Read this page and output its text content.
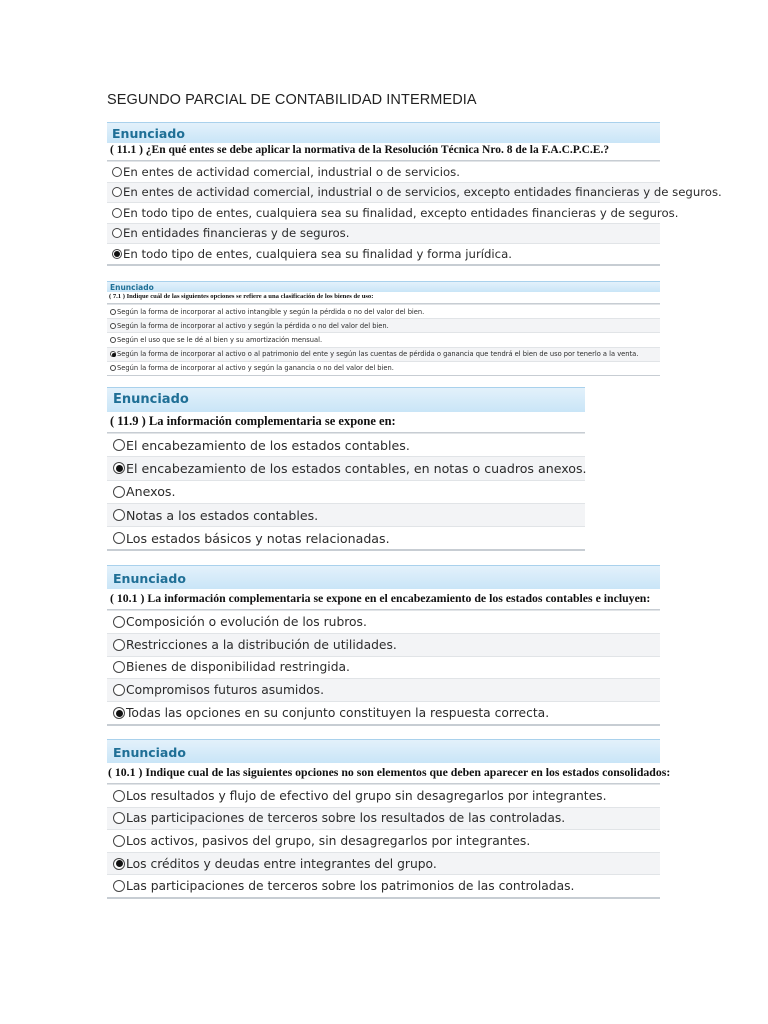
SEGUNDO PARCIAL DE CONTABILIDAD INTERMEDIA
Enunciado
( 11.1 ) ¿En qué entes se debe aplicar la normativa de la Resolución Técnica Nro. 8 de la F.A.C.P.C.E.?
En entes de actividad comercial, industrial o de servicios.
En entes de actividad comercial, industrial o de servicios, excepto entidades financieras y de seguros.
En todo tipo de entes, cualquiera sea su finalidad, excepto entidades financieras y de seguros.
En entidades financieras y de seguros.
En todo tipo de entes, cualquiera sea su finalidad y forma jurídica.
Enunciado
( 7.1 ) Indique cuál de las siguientes opciones se refiere a una clasificación de los bienes de uso:
Según la forma de incorporar al activo intangible y según la pérdida o no del valor del bien.
Según la forma de incorporar al activo y según la pérdida o no del valor del bien.
Según el uso que se le dé al bien y su amortización mensual.
Según la forma de incorporar al activo o al patrimonio del ente y según las cuentas de pérdida o ganancia que tendrá el bien de uso por tenerlo a la venta.
Según la forma de incorporar al activo y según la ganancia o no del valor del bien.
Enunciado
( 11.9 ) La información complementaria se expone en:
El encabezamiento de los estados contables.
El encabezamiento de los estados contables, en notas o cuadros anexos.
Anexos.
Notas a los estados contables.
Los estados básicos y notas relacionadas.
Enunciado
( 10.1 ) La información complementaria se expone en el encabezamiento de los estados contables e incluyen:
Composición o evolución de los rubros.
Restricciones a la distribución de utilidades.
Bienes de disponibilidad restringida.
Compromisos futuros asumidos.
Todas las opciones en su conjunto constituyen la respuesta correcta.
Enunciado
( 10.1 ) Indique cual de las siguientes opciones no son elementos que deben aparecer en los estados consolidados:
Los resultados y flujo de efectivo del grupo sin desagregarlos por integrantes.
Las participaciones de terceros sobre los resultados de las controladas.
Los activos, pasivos del grupo, sin desagregarlos por integrantes.
Los créditos y deudas entre integrantes del grupo.
Las participaciones de terceros sobre los patrimonios de las controladas.
